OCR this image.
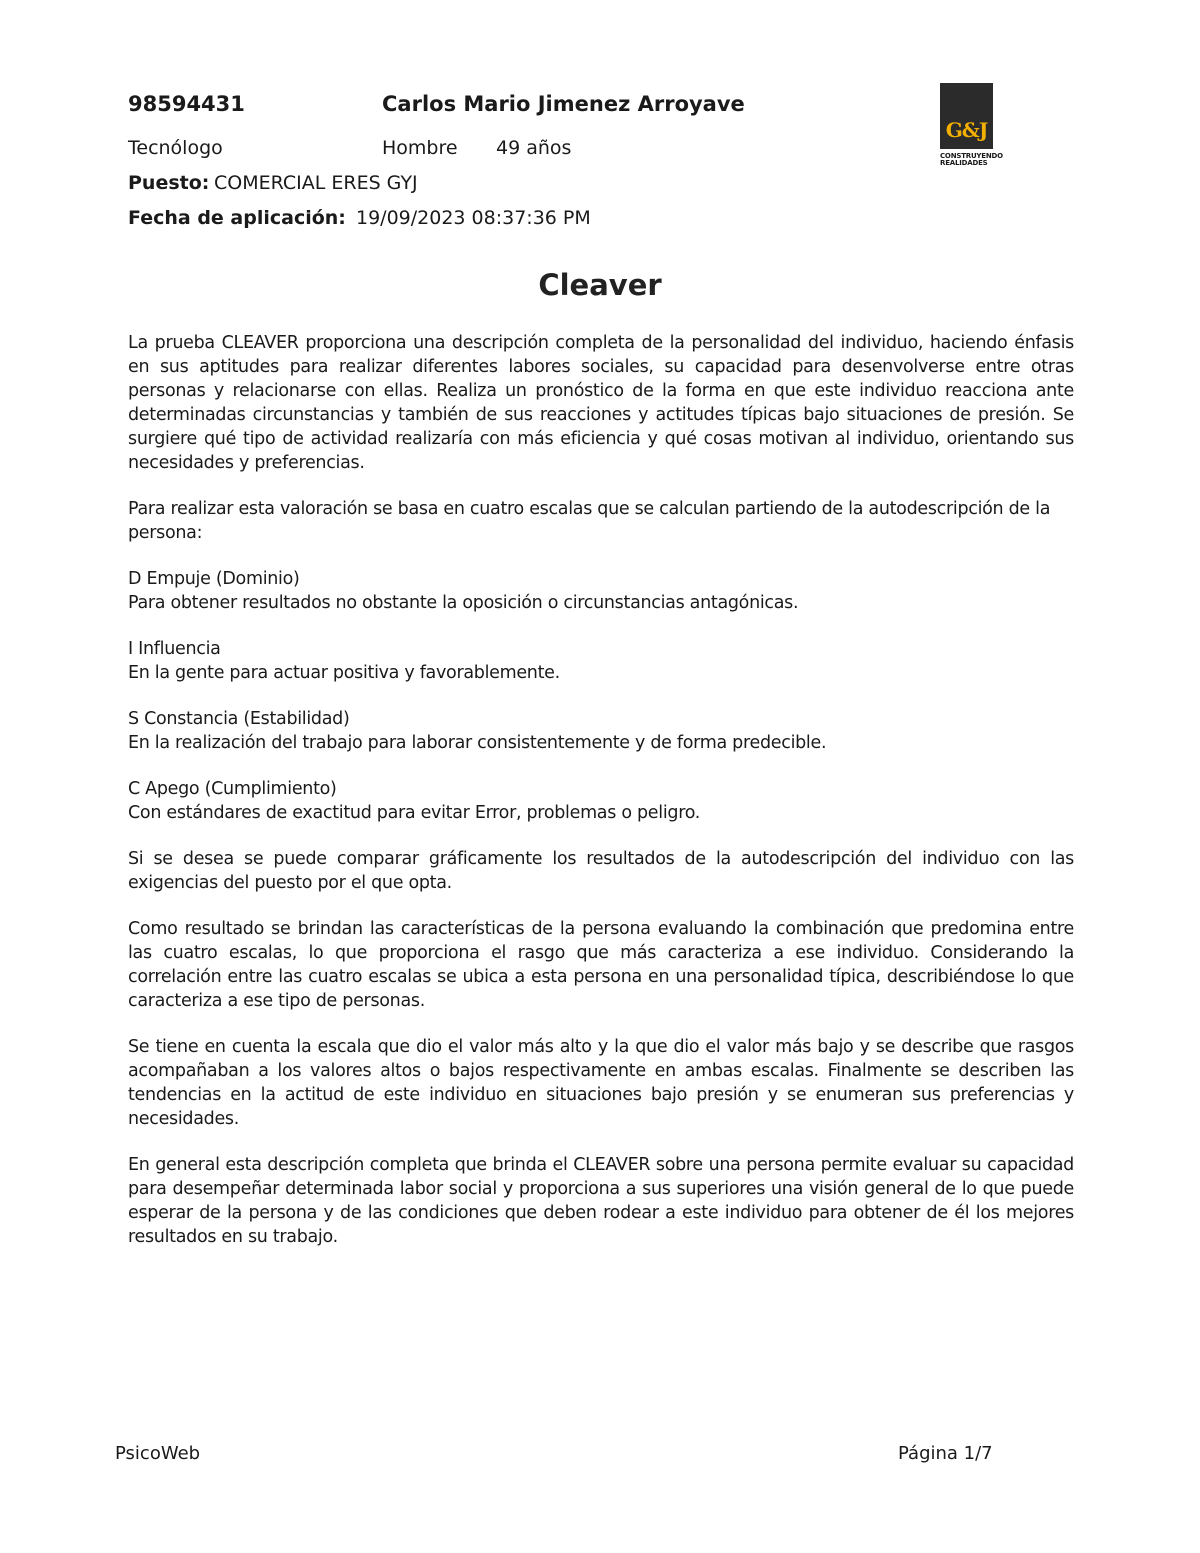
98594431	Carlos Mario Jimenez Arroyave
Tecnólogo	Hombre 49 años
Puesto: COMERCIAL ERES GYJ
Fecha de aplicación: 19/09/2023 08:37:36 PM
G&J
CONSTRUYENDO
REALIDADES
Cleaver

La prueba CLEAVER proporciona una descripción completa de la personalidad del individuo, haciendo énfasis en sus aptitudes para realizar diferentes labores sociales, su capacidad para desenvolverse entre otras personas y relacionarse con ellas. Realiza un pronóstico de la forma en que este individuo reacciona ante determinadas circunstancias y también de sus reacciones y actitudes típicas bajo situaciones de presión. Se surgiere qué tipo de actividad realizaría con más eficiencia y qué cosas motivan al individuo, orientando sus necesidades y preferencias.

Para realizar esta valoración se basa en cuatro escalas que se calculan partiendo de la autodescripción de la persona:

D Empuje (Dominio)
Para obtener resultados no obstante la oposición o circunstancias antagónicas.
I Influencia
En la gente para actuar positiva y favorablemente.
S Constancia (Estabilidad)
En la realización del trabajo para laborar consistentemente y de forma predecible.
C Apego (Cumplimiento)
Con estándares de exactitud para evitar Error, problemas o peligro.

Si se desea se puede comparar gráficamente los resultados de la autodescripción del individuo con las exigencias del puesto por el que opta.

Como resultado se brindan las características de la persona evaluando la combinación que predomina entre las cuatro escalas, lo que proporciona el rasgo que más caracteriza a ese individuo. Considerando la correlación entre las cuatro escalas se ubica a esta persona en una personalidad típica, describiéndose lo que caracteriza a ese tipo de personas.

Se tiene en cuenta la escala que dio el valor más alto y la que dio el valor más bajo y se describe que rasgos acompañaban a los valores altos o bajos respectivamente en ambas escalas. Finalmente se describen las tendencias en la actitud de este individuo en situaciones bajo presión y se enumeran sus preferencias y necesidades.

En general esta descripción completa que brinda el CLEAVER sobre una persona permite evaluar su capacidad para desempeñar determinada labor social y proporciona a sus superiores una visión general de lo que puede esperar de la persona y de las condiciones que deben rodear a este individuo para obtener de él los mejores resultados en su trabajo.

PsicoWeb	Página 1/7
